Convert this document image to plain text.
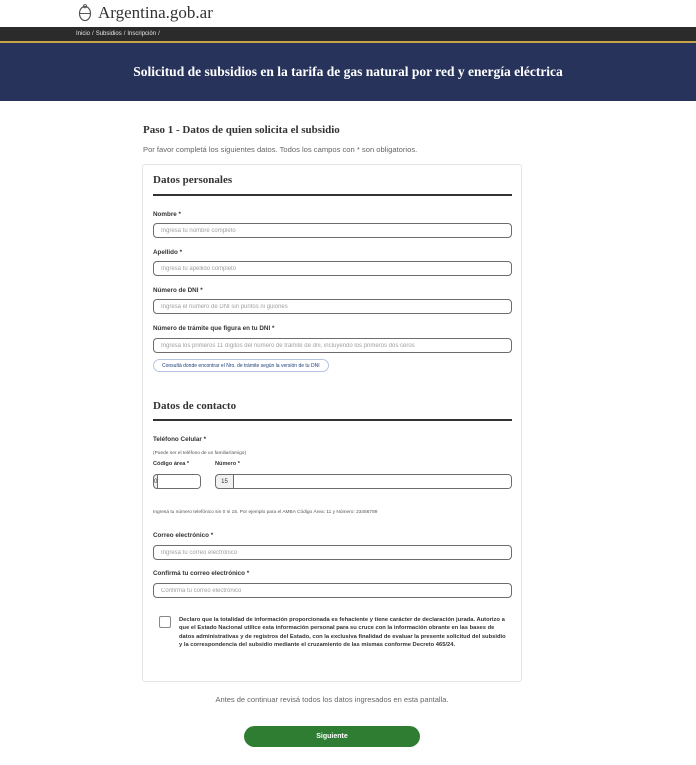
Argentina.gob.ar
Inicio / Subsidios / Inscripción /
Solicitud de subsidios en la tarifa de gas natural por red y energía eléctrica
Paso 1 - Datos de quien solicita el subsidio

Por favor completá los siguientes datos. Todos los campos con * son obligatorios.

Datos personales
Nombre *
Ingresá tu nombre completo
Apellido *
Ingresá tu apellido completo
Número de DNI *
Ingresá el número de DNI sin puntos ni guiones
Número de trámite que figura en tu DNI *
Ingresá los primeros 11 dígitos del número de trámite de dni, incluyendo los primeros dos ceros
Consultá donde encontrar el Nro. de trámite según la versión de tu DNI
Datos de contacto
Teléfono Celular *

(Puede ser el teléfono de un familiar/amigo)

Código área *	Número *
0	15

Ingresá tu número telefónico sin 0 ni 15. Por ejemplo para el AMBA Código Área: 11 y Número: 23456789

Correo electrónico *
Ingresá tu correo electrónico
Confirmá tu correo electrónico *
Confirmá tu correo electrónico

Declaro que la totalidad de información proporcionada es fehaciente y tiene carácter de declaración jurada. Autorizo a que el Estado Nacional utilice esta información personal para su cruce con la información obrante en las bases de datos administrativas y de registros del Estado, con la exclusiva finalidad de evaluar la presente solicitud del subsidio y la correspondencia del subsidio mediante el cruzamiento de las mismas conforme Decreto 465/24.

Antes de continuar revisá todos los datos ingresados en esta pantalla.

Siguiente
